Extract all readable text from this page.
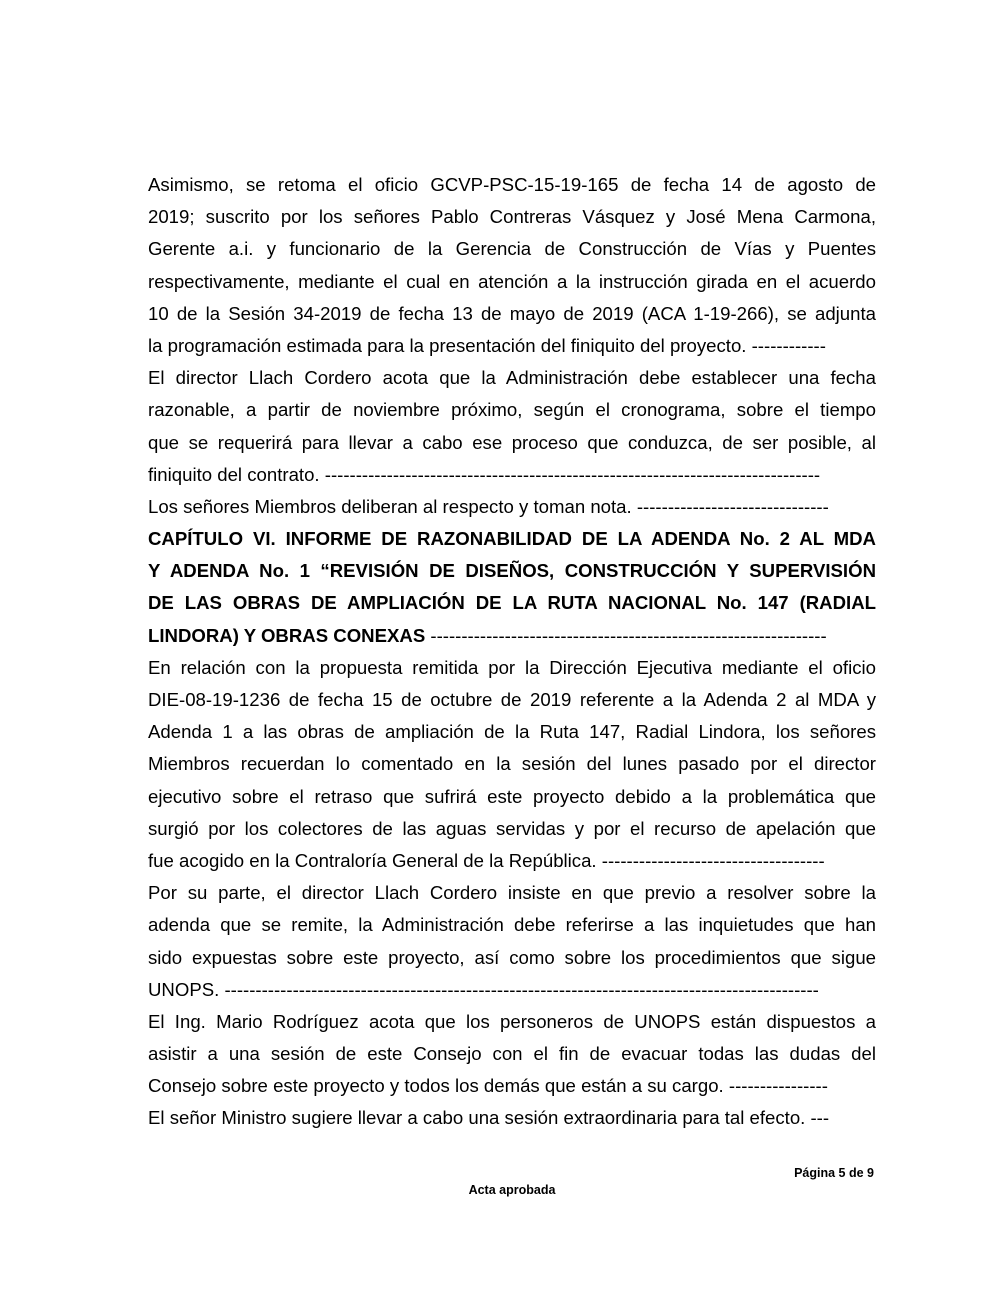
Asimismo, se retoma el oficio GCVP-PSC-15-19-165 de fecha 14 de agosto de
2019; suscrito por los señores Pablo Contreras Vásquez y José Mena Carmona,
Gerente a.i. y funcionario de la Gerencia de Construcción de Vías y Puentes
respectivamente, mediante el cual en atención a la instrucción girada en el acuerdo
10 de la Sesión 34-2019 de fecha 13 de mayo de 2019 (ACA 1-19-266), se adjunta
la programación estimada para la presentación del finiquito del proyecto. ------------
El director Llach Cordero acota que la Administración debe establecer una fecha
razonable, a partir de noviembre próximo, según el cronograma, sobre el tiempo
que se requerirá para llevar a cabo ese proceso que conduzca, de ser posible, al
finiquito del contrato. --------------------------------------------------------------------------------
Los señores Miembros deliberan al respecto y toman nota. -------------------------------
CAPÍTULO VI. INFORME DE RAZONABILIDAD DE LA ADENDA No. 2 AL MDA
Y ADENDA No. 1 “REVISIÓN DE DISEÑOS, CONSTRUCCIÓN Y SUPERVISIÓN
DE LAS OBRAS DE AMPLIACIÓN DE LA RUTA NACIONAL No. 147 (RADIAL
LINDORA) Y OBRAS CONEXAS ----------------------------------------------------------------
En relación con la propuesta remitida por la Dirección Ejecutiva mediante el oficio
DIE-08-19-1236 de fecha 15 de octubre de 2019 referente a la Adenda 2 al MDA y
Adenda 1 a las obras de ampliación de la Ruta 147, Radial Lindora, los señores
Miembros recuerdan lo comentado en la sesión del lunes pasado por el director
ejecutivo sobre el retraso que sufrirá este proyecto debido a la problemática que
surgió por los colectores de las aguas servidas y por el recurso de apelación que
fue acogido en la Contraloría General de la República. ------------------------------------
Por su parte, el director Llach Cordero insiste en que previo a resolver sobre la
adenda que se remite, la Administración debe referirse a las inquietudes que han
sido expuestas sobre este proyecto, así como sobre los procedimientos que sigue
UNOPS. ------------------------------------------------------------------------------------------------
El Ing. Mario Rodríguez acota que los personeros de UNOPS están dispuestos a
asistir a una sesión de este Consejo con el fin de evacuar todas las dudas del
Consejo sobre este proyecto y todos los demás que están a su cargo. ----------------
El señor Ministro sugiere llevar a cabo una sesión extraordinaria para tal efecto. ---
Página 5 de 9
Acta aprobada
